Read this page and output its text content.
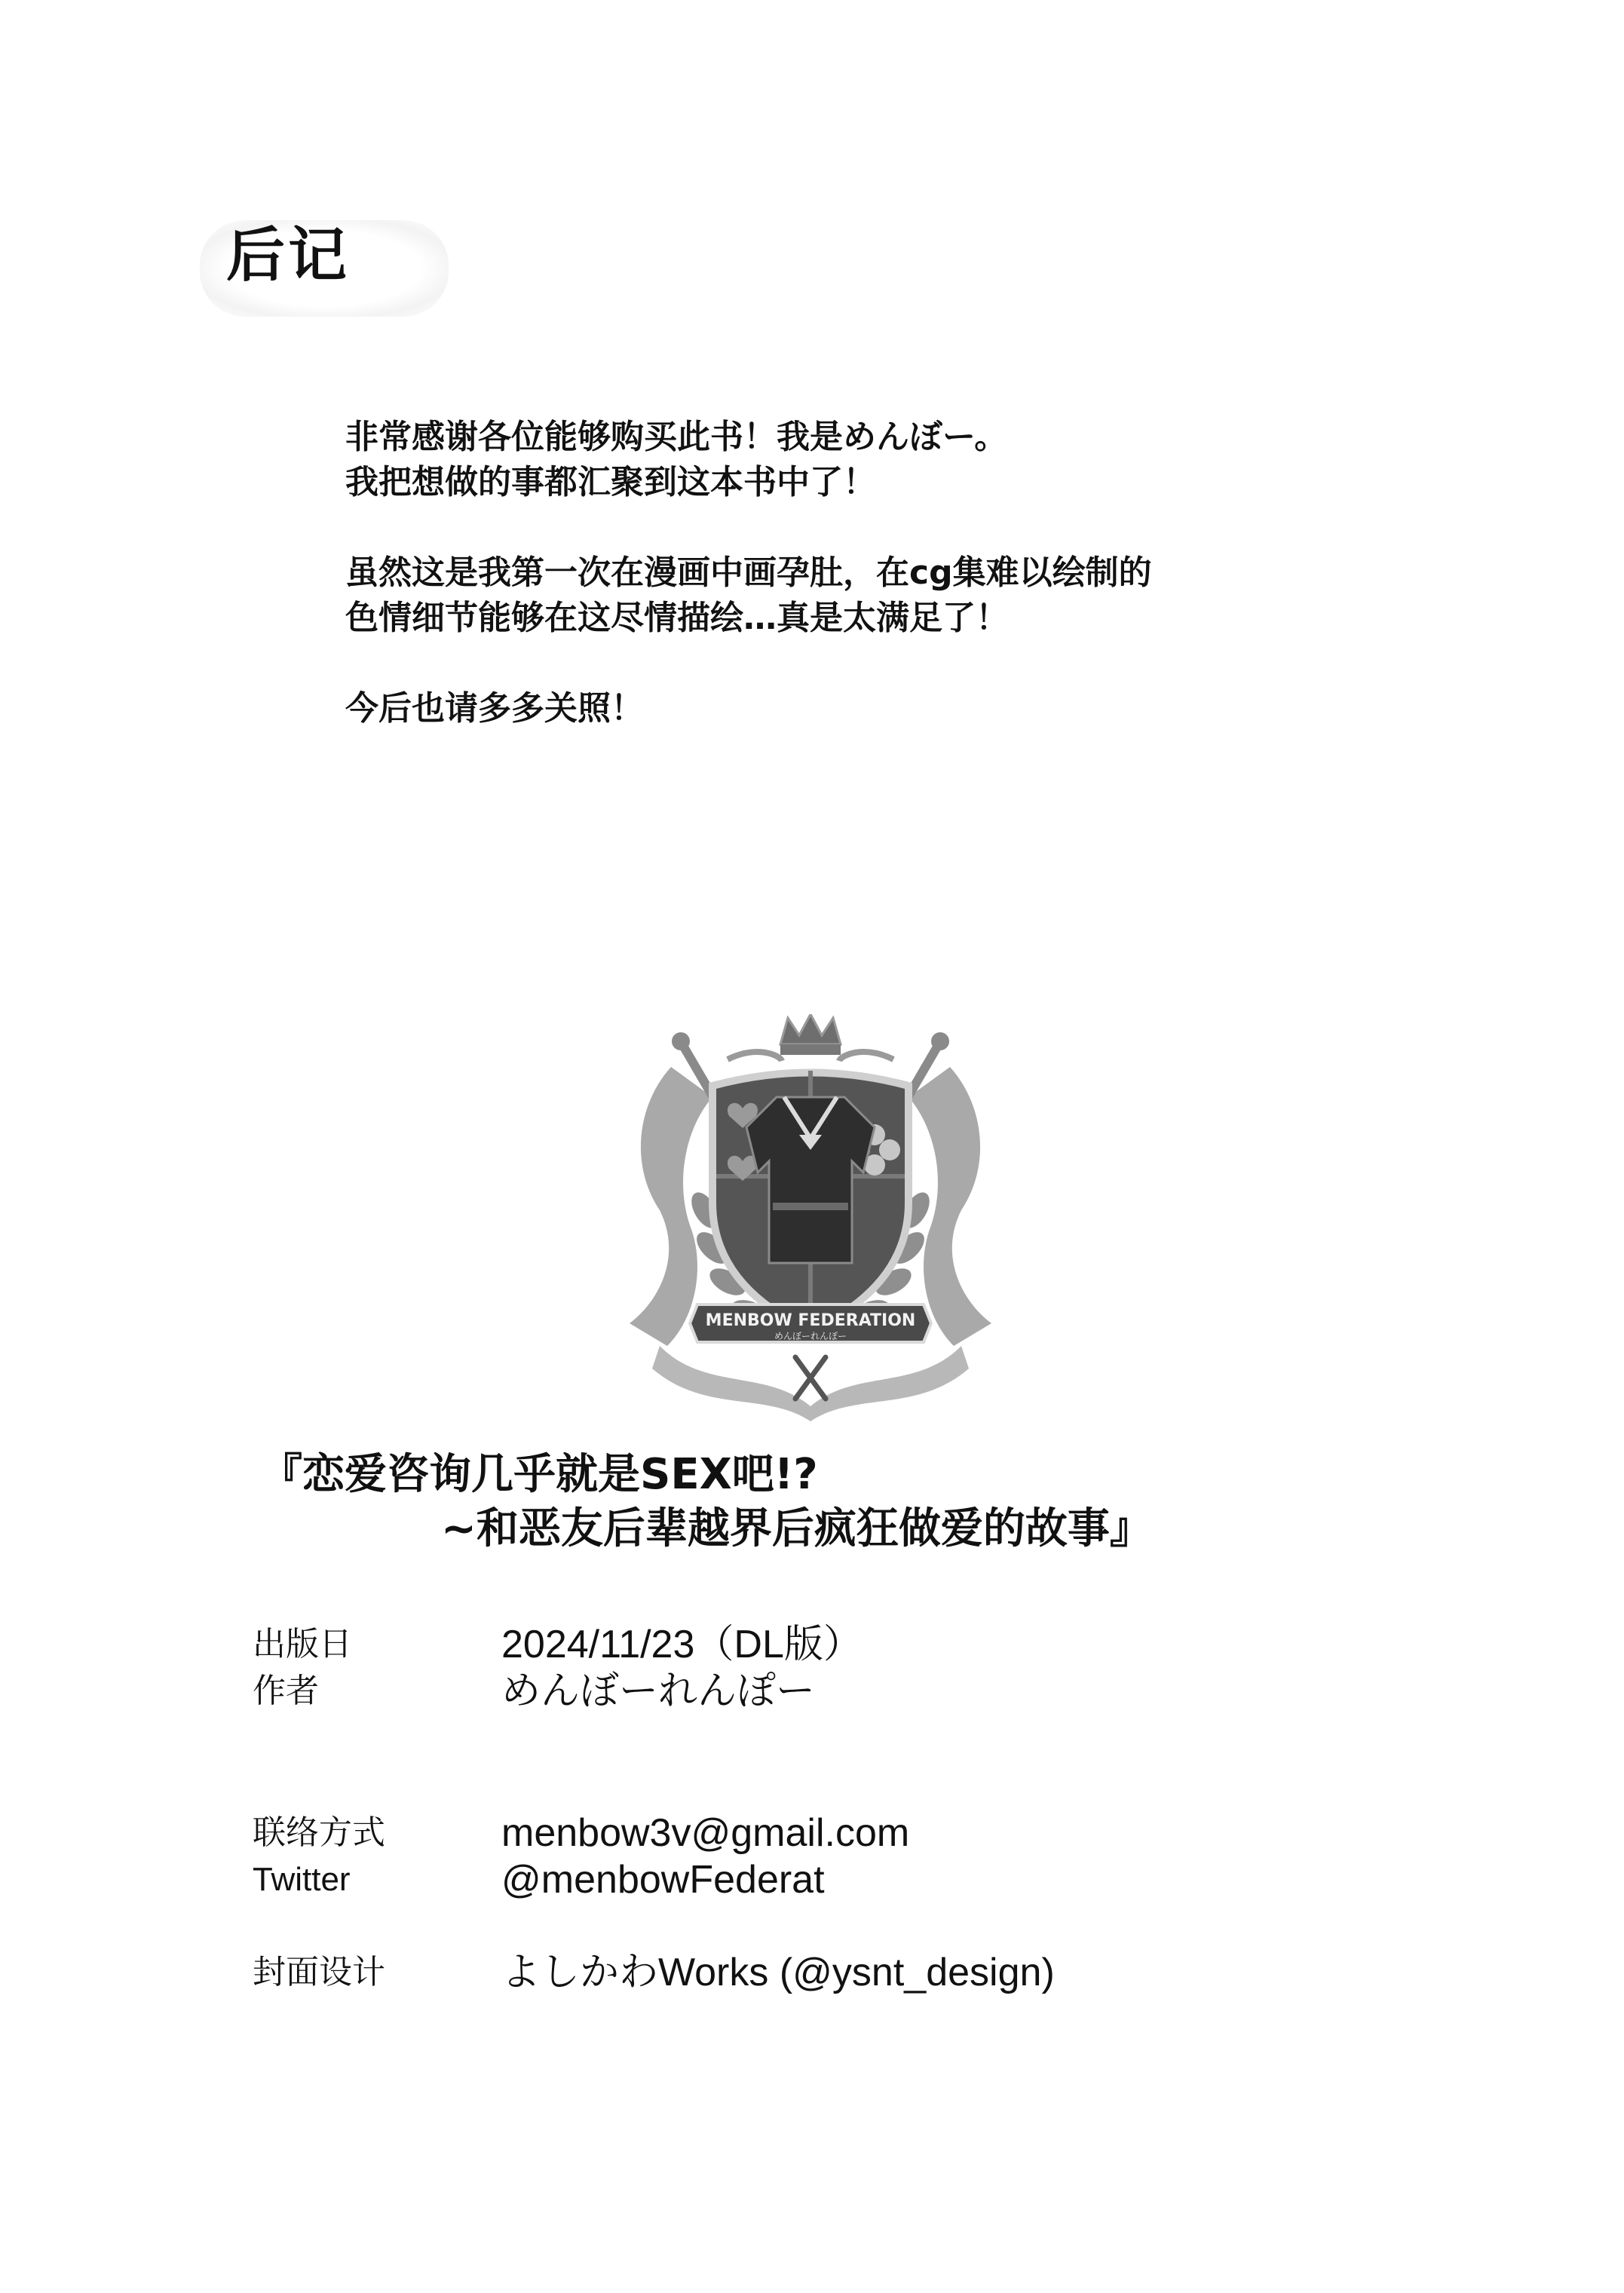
后记
非常感谢各位能够购买此书！我是めんぼー。
我把想做的事都汇聚到这本书中了！
虽然这是我第一次在漫画中画孕肚，在cg集难以绘制的
色情细节能够在这尽情描绘…真是太满足了！
今后也请多多关照！
MENBOW FEDERATION
めんぼーれんぽー
『恋爱咨询几乎就是SEX吧!?
~和恶友后辈越界后疯狂做爱的故事』
出版日	2024/11/23（DL版）
作者	めんぼーれんぽー
联络方式	menbow3v@gmail.com
Twitter	@menbowFederat
封面设计	よしかわWorks (@ysnt_design)
